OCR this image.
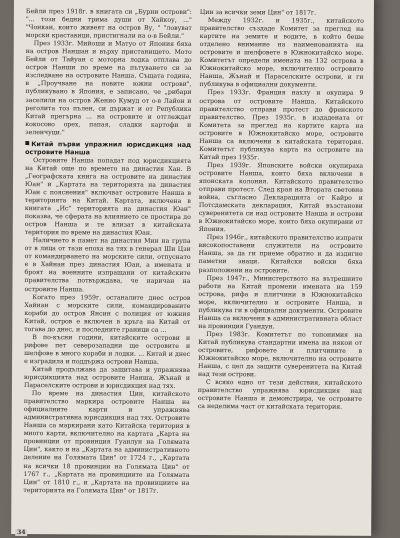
Бейли през 1918г. в книгата си „Бурни острови": "... този бедни трима души от Хайкоу, ..." "Чонкан, които живеят на остров Ву, " "ловуват морски краставици, пристигнали на о-в Бейли."

През 1933г. Мийоши и Матуо от Япония бяха на остров Наншан и върху пристанището. Мото Бейли от Тайуан с моторна лодка отплава до остров Нанши по време на пътуването си за изследване на островите Нанша. Същата година, в „Проучване на новите южни острови", публикувано в Япония, е записано, че „рибари заселили на остров Женио Кумуд от о-в Лайон и реголита тоз пълен, си държат и от Република Китай прегърна ... на островите и отглеждат кокосово орех, папая, сладки картофи и зеленчуци."

Китай първи упражнил юрисдикция над островите Нанша

Островите Нанша попадат под юрисдикцията на Китай още по времето на династия Хан. В „Географската книга на островите на династия Юан" и „Картата на територията на династия Юан с пояснения" включват островите Нанша в територията на Китай. Картата, включена в книгата „Ис" територията на династия Юан" показва, че сферата на влиянието се простира до остров Нанша и те влизат в китайската територия по време на династия Юан.

Наличието в памет на династия Мин на група от в лица от тази епоха на тях в генерал Ши Цзи от командирването на морските сили, отпуснато е в Хайнан през династия Юан, а имената и броят на военните изпращани от китайските правителства потвърждава, че наричан на островите Нанша.

Когато през 1959г. останалите днес остров Хайнан с морските сили, командированите кораби до остров Янсин с полиция от южния Китай, остров е включен в кръга на Китай от тогава до днес, и последните граници са ...

В по-късни години, китайските острови и рифове пет северозападни ще островите и шелфове в много кораби и лодки. ... Китай и днес е изградила и поддържа острови Нанша.

Китай продължава да защитава и упражнява юрисдикцията над островите Нанша, Жънай и Параселските острови и юрисдикция над тях.

По време на династия Цин, китайското правителство маркира островите Нанша на официалните карти и упражнява административна юрисдикция над тях. Островите Нанша са маркирани като Китайска територия в много карти, включително на картата „Карта на провинции от провинция Гуанлун на Голямата Цин", както и на „Картата на административното деление на Голямата Цин" от 1724 г., „Картата на всички 18 провинции на Голямата Цин" от 1767 г., „Картата на провинциите на Голямата Цин" от 1810 г., и „Картата на провинциите на територията на Голямата Цин" от 1817г.

Цин за всички земи Цин" от 1817г.

Между 1932г. и 1935г., китайското правителство създаде Комитет за преглед на картите на земите и водите, в който беше отделено внимание на наименованията на островите и шелфовете в Южнокитайско море. Комитетът определи имената на 132 острова в Южнокитайско море, включително островите Нанша, Жънай и Параселските острови, и ги публикува в официални документи.

През 1933г. Франция нахлу и окупира 9 острова от островите Нанша. Китайското правителство отправи протест до френското правителство. През 1935г. в издадената от Комитета за преглед на картите карта на островите в Южнокитайско море, островите Нанша са включени в китайската територия. Комитетът публикува карта на островите на Китай през 1935г.

През 1939г. Японските войски окупираха островите Нанша, които бяха включени в японската колония. Китайското правителство отправи протест. След края на Втората световна война, съгласно Декларацията от Кайро и Потсдамската декларация, Китай възстанови суверенитета си над островите Нанша и острови в Южнокитайско море, които бяха окупирани от Япония.

През 1946г., китайското правителство изпрати високопоставени служители на островите Нанша, за да ги приеме обратно и да издигне паметни знаци. Китайски войски бяха разположени на островите.

През 1947г., Министерството на вътрешните работи на Китай промени имената на 159 острова, рифа и плитчини в Южнокитайско море, включително и островите Нанша, и публикува ги в официални документи. Островите Нанша са включени в административната област на провинция Гуандун.

През 1983г. Комитетът по топонимия на Китай публикува стандартни имена на някои от островите, рифовете и плитчините в Южнокитайско море, включително на островите Нанша, с цел да защити суверенитета на Китай над тези острови.

С всяко едно от тези действия, китайското правителство упражнява юрисдикция над островите Нанша и демонстрира, че островите са неделима част от китайската територия.

34
